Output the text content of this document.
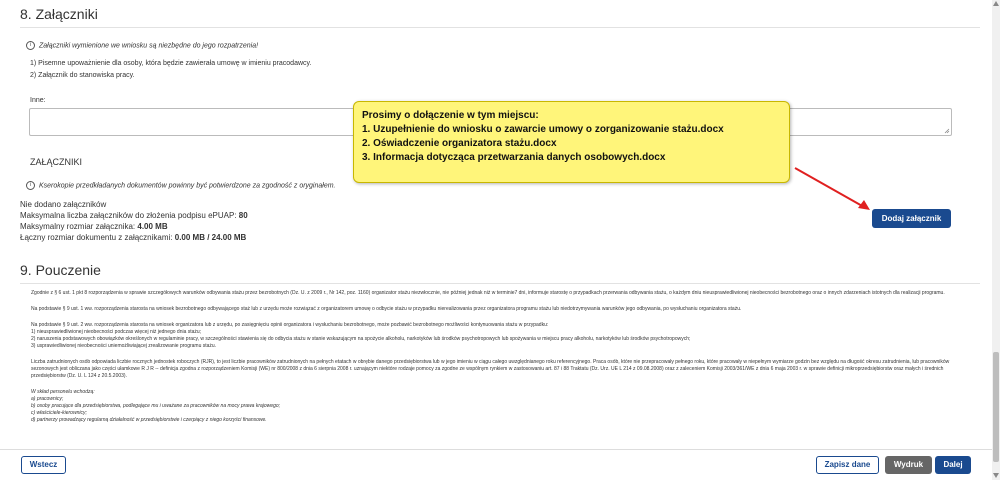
8. Załączniki
i Załączniki wymienione we wniosku są niezbędne do jego rozpatrzenia!
1) Pisemne upoważnienie dla osoby, która będzie zawierała umowę w imieniu pracodawcy.
2) Załącznik do stanowiska pracy.
Inne:
ZAŁĄCZNIKI
i Kserokopie przedkładanych dokumentów powinny być potwierdzone za zgodność z oryginałem.
Nie dodano załączników
Maksymalna liczba załączników do złożenia podpisu ePUAP: 80
Maksymalny rozmiar załącznika: 4.00 MB
Łączny rozmiar dokumentu z załącznikami: 0.00 MB / 24.00 MB
Dodaj załącznik
Prosimy o dołączenie w tym miejscu:
1. Uzupełnienie do wniosku o zawarcie umowy o zorganizowanie stażu.docx
2. Oświadczenie organizatora stażu.docx
3. Informacja dotycząca przetwarzania danych osobowych.docx
9. Pouczenie

Zgodnie z § 6 ust. 1 pkt 8 rozporządzenia w sprawie szczegółowych warunków odbywania stażu przez bezrobotnych (Dz. U. z 2009 r., Nr 142, poz. 1160) organizator stażu niezwłocznie, nie później jednak niż w terminie7 dni, informuje starostę o przypadkach przerwania odbywania stażu, o każdym dniu nieusprawiedliwionej nieobecności bezrobotnego oraz o innych zdarzeniach istotnych dla realizacji programu.

Na podstawie § 9 ust. 1 ww. rozporządzenia starosta na wniosek bezrobotnego odbywającego staż lub z urzędu może rozwiązać z organizatorem umowę o odbycie stażu w przypadku nierealizowania przez organizatora programu stażu lub niedotrzymywania warunków jego odbywania, po wysłuchaniu organizatora stażu.

Na podstawie § 9 ust. 2 ww. rozporządzenia starosta na wniosek organizatora lub z urzędu, po zasięgnięciu opinii organizatora i wysłuchaniu bezrobotnego, może pozbawić bezrobotnego możliwości kontynuowania stażu w przypadku:

1) nieusprawiedliwionej nieobecności podczas więcej niż jednego dnia stażu;

2) naruszenia podstawowych obowiązków określonych w regulaminie pracy, w szczególności stawienia się do odbycia stażu w stanie wskazującym na spożycie alkoholu, narkotyków lub środków psychotropowych lub spożywania w miejscu pracy alkoholu, narkotyków lub środków psychotropowych;

3) usprawiedliwionej nieobecności uniemożliwiającej zrealizowanie programu stażu.

Liczba zatrudnionych osób odpowiada liczbie rocznych jednostek roboczych (RJR), to jest liczbie pracowników zatrudnionych na pełnych etatach w obrębie danego przedsiębiorstwa lub w jego imieniu w ciągu całego uwzględnianego roku referencyjnego. Praca osób, które nie przepracowały pełnego roku, które pracowały w niepełnym wymiarze godzin bez względu na długość okresu zatrudnienia, lub pracowników sezonowych jest obliczana jako części ułamkowe R J R -- definicja zgodna z rozporządzeniem Komisji (WE) nr 800/2008 z dnia 6 sierpnia 2008 r. uznającym niektóre rodzaje pomocy za zgodne ze wspólnym rynkiem w zastosowaniu art. 87 i 88 Traktatu (Dz. Urz. UE L 214 z 09.08.2008) oraz z zaleceniem Komisji 2003/361/WE z dnia 6 maja 2003 r. w sprawie definicji mikroprzedsiębiorstw oraz małych i średnich przedsiębiorstw (Dz. U. L 124 z 20.5.2003).

W skład personelu wchodzą:

a) pracownicy;

b) osoby pracujące dla przedsiębiorstwa, podlegające mu i uważane za pracowników na mocy prawa krajowego;

c) właściciele-kierownicy;

d) partnerzy prowadzący regularną działalność w przedsiębiorstwie i czerpiący z niego korzyści finansowe.

Wstecz	Zapisz dane	Wydruk	Dalej
